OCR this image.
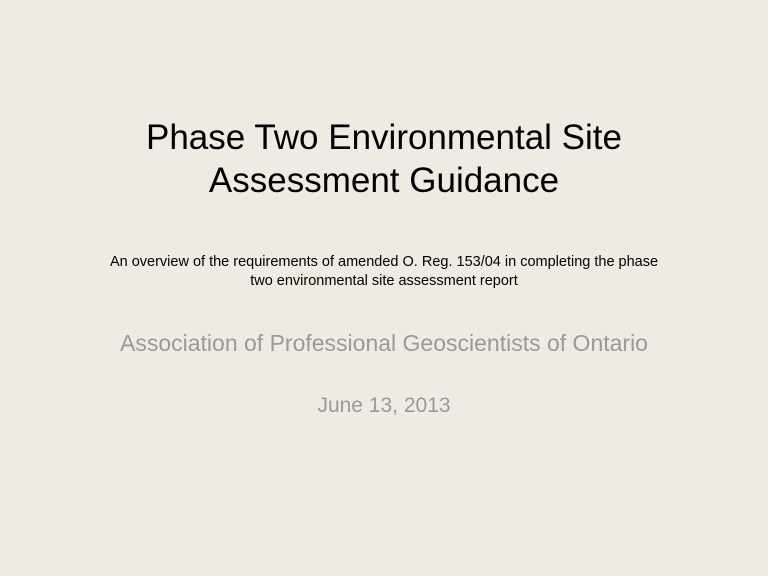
Phase Two Environmental Site
Assessment Guidance

An overview of the requirements of amended O. Reg. 153/04 in completing the phase
two environmental site assessment report

Association of Professional Geoscientists of Ontario

June 13, 2013
